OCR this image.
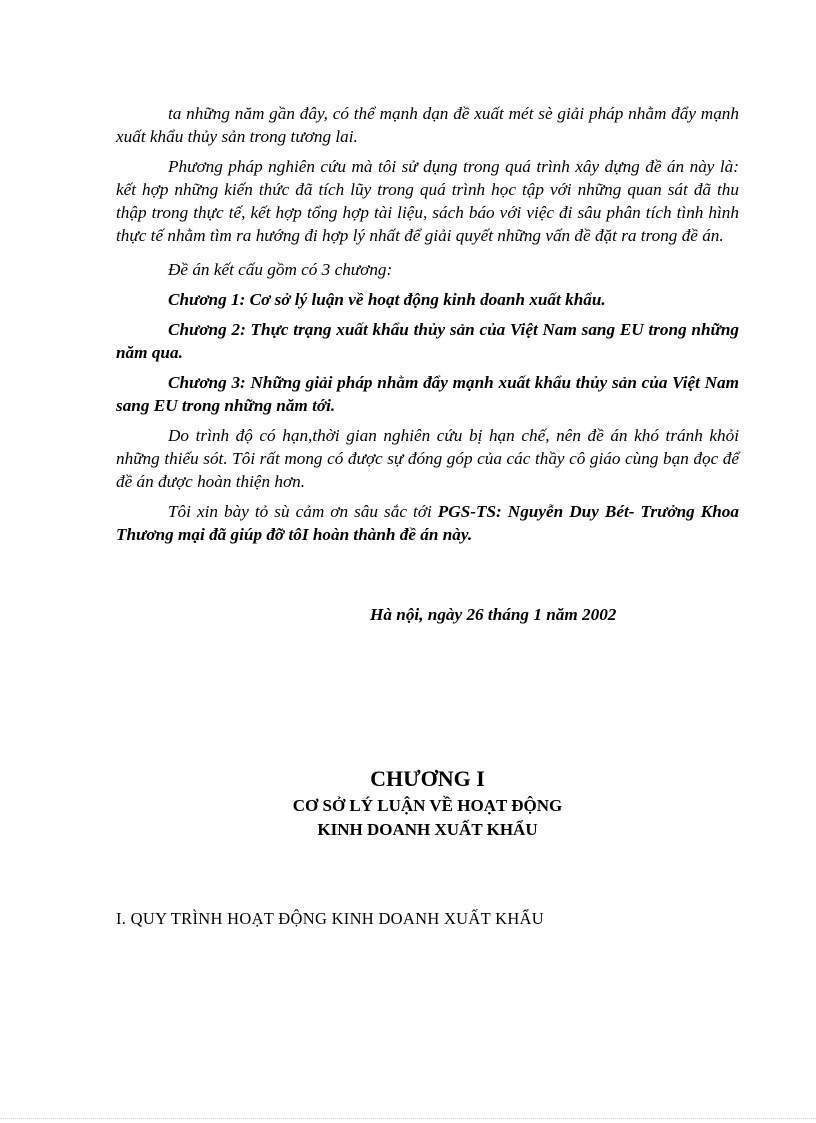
ta những năm gần đây, có thể mạnh dạn đề xuất mét sè giải pháp nhằm đẩy mạnh xuất khẩu thủy sản trong tương lai.

Phương pháp nghiên cứu mà tôi sử dụng trong quá trình xây dựng đề án này là: kết hợp những kiến thức đã tích lũy trong quá trình học tập với những quan sát đã thu thập trong thực tế, kết hợp tổng hợp tài liệu, sách báo với việc đi sâu phân tích tình hình thực tế nhằm tìm ra hướng đi hợp lý nhất để giải quyết những vấn đề đặt ra trong đề án.

Đề án kết cấu gồm có 3 chương:

Chương 1: Cơ sở lý luận về hoạt động kinh doanh xuất khẩu.

Chương 2: Thực trạng xuất khẩu thủy sản của Việt Nam sang EU trong những năm qua.

Chương 3: Những giải pháp nhằm đẩy mạnh xuất khẩu thủy sản của Việt Nam sang EU trong những năm tới.

Do trình độ có hạn,thời gian nghiên cứu bị hạn chế, nên đề án khó tránh khỏi những thiếu sót. Tôi rất mong có được sự đóng góp của các thầy cô giáo cùng bạn đọc để đề án được hoàn thiện hơn.

Tôi xin bày tỏ sù cảm ơn sâu sắc tới PGS-TS: Nguyễn Duy Bét- Trưởng Khoa Thương mại đã giúp đỡ tôI hoàn thành đề án này.

Hà nội, ngày 26 tháng 1 năm 2002
CHƯƠNG I
CƠ SỞ LÝ LUẬN VỀ HOẠT ĐỘNG
KINH DOANH XUẤT KHẨU
I. QUY TRÌNH HOẠT ĐỘNG KINH DOANH XUẤT KHẨU
